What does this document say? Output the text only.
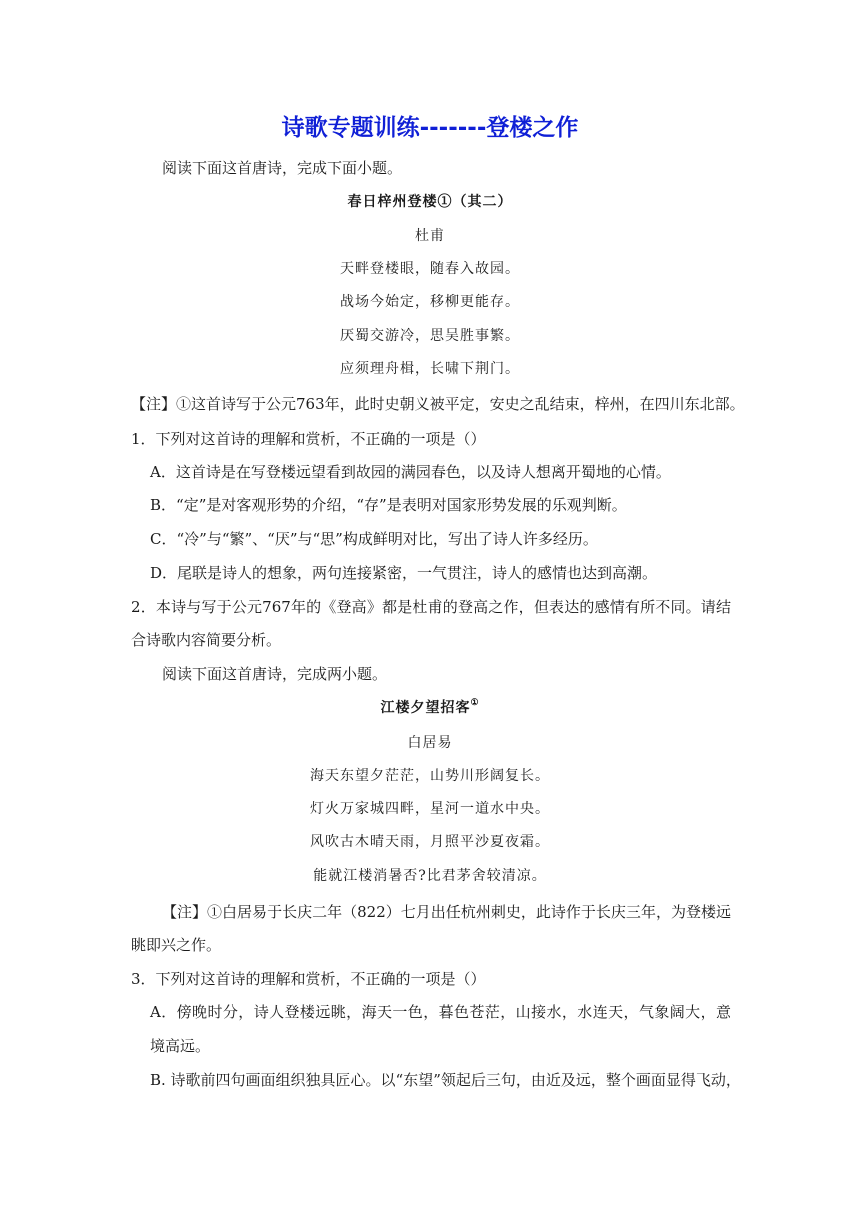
诗歌专题训练-------登楼之作
阅读下面这首唐诗，完成下面小题。
春日梓州登楼①（其二）
杜甫
天畔登楼眼，随春入故园。
战场今始定，移柳更能存。
厌蜀交游冷，思吴胜事繁。
应须理舟楫，长啸下荆门。
【注】①这首诗写于公元763年，此时史朝义被平定，安史之乱结束，梓州，在四川东北部。
1．下列对这首诗的理解和赏析，不正确的一项是（）
A．这首诗是在写登楼远望看到故园的满园春色，以及诗人想离开蜀地的心情。
B．“定”是对客观形势的介绍，“存”是表明对国家形势发展的乐观判断。
C．“冷”与“繁”、“厌”与“思”构成鲜明对比，写出了诗人许多经历。
D．尾联是诗人的想象，两句连接紧密，一气贯注，诗人的感情也达到高潮。
2．本诗与写于公元767年的《登高》都是杜甫的登高之作，但表达的感情有所不同。请结
合诗歌内容简要分析。
阅读下面这首唐诗，完成两小题。
江楼夕望招客①
白居易
海天东望夕茫茫，山势川形阔复长。
灯火万家城四畔，星河一道水中央。
风吹古木晴天雨，月照平沙夏夜霜。
能就江楼消暑否?比君茅舍较清凉。
【注】①白居易于长庆二年（822）七月出任杭州刺史，此诗作于长庆三年，为登楼远
眺即兴之作。
3．下列对这首诗的理解和赏析，不正确的一项是（）
A．傍晚时分，诗人登楼远眺，海天一色，暮色苍茫，山接水，水连天，气象阔大，意
境高远。
B. 诗歌前四句画面组织独具匠心。以“东望”领起后三句，由近及远，整个画面显得飞动，
